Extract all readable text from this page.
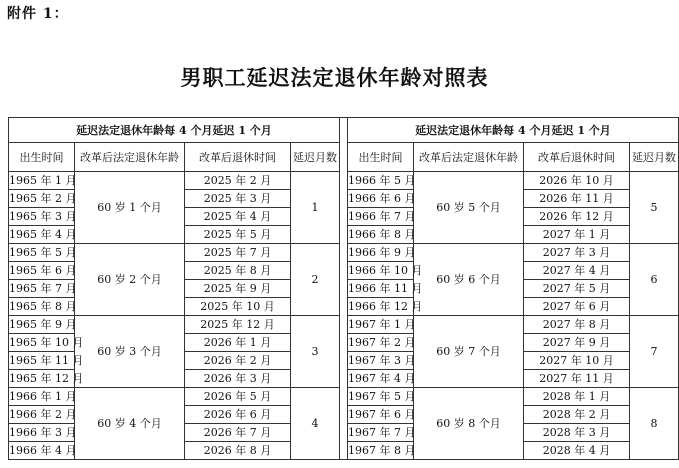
附件 1：
男职工延迟法定退休年龄对照表
延迟法定退休年龄每 4 个月延迟 1 个月					延迟法定退休年龄每 4 个月延迟 1 个月			
出生时间	改革后法定退休年龄	改革后退休时间	延迟月数		出生时间	改革后法定退休年龄	改革后退休时间	延迟月数
1965 年 1 月	60 岁 1 个月	2025 年 2 月	1		1966 年 5 月	60 岁 5 个月	2026 年 10 月	5
1965 年 2 月		2025 年 3 月			1966 年 6 月		2026 年 11 月	
1965 年 3 月		2025 年 4 月			1966 年 7 月		2026 年 12 月	
1965 年 4 月		2025 年 5 月			1966 年 8 月		2027 年 1 月	
1965 年 5 月	60 岁 2 个月	2025 年 7 月	2		1966 年 9 月	60 岁 6 个月	2027 年 3 月	6
1965 年 6 月		2025 年 8 月			1966 年 10 月		2027 年 4 月	
1965 年 7 月		2025 年 9 月			1966 年 11 月		2027 年 5 月	
1965 年 8 月		2025 年 10 月			1966 年 12 月		2027 年 6 月	
1965 年 9 月	60 岁 3 个月	2025 年 12 月	3		1967 年 1 月	60 岁 7 个月	2027 年 8 月	7
1965 年 10 月		2026 年 1 月			1967 年 2 月		2027 年 9 月	
1965 年 11 月		2026 年 2 月			1967 年 3 月		2027 年 10 月	
1965 年 12 月		2026 年 3 月			1967 年 4 月		2027 年 11 月	
1966 年 1 月	60 岁 4 个月	2026 年 5 月	4		1967 年 5 月	60 岁 8 个月	2028 年 1 月	8
1966 年 2 月		2026 年 6 月			1967 年 6 月		2028 年 2 月	
1966 年 3 月		2026 年 7 月			1967 年 7 月		2028 年 3 月	
1966 年 4 月		2026 年 8 月			1967 年 8 月		2028 年 4 月	
